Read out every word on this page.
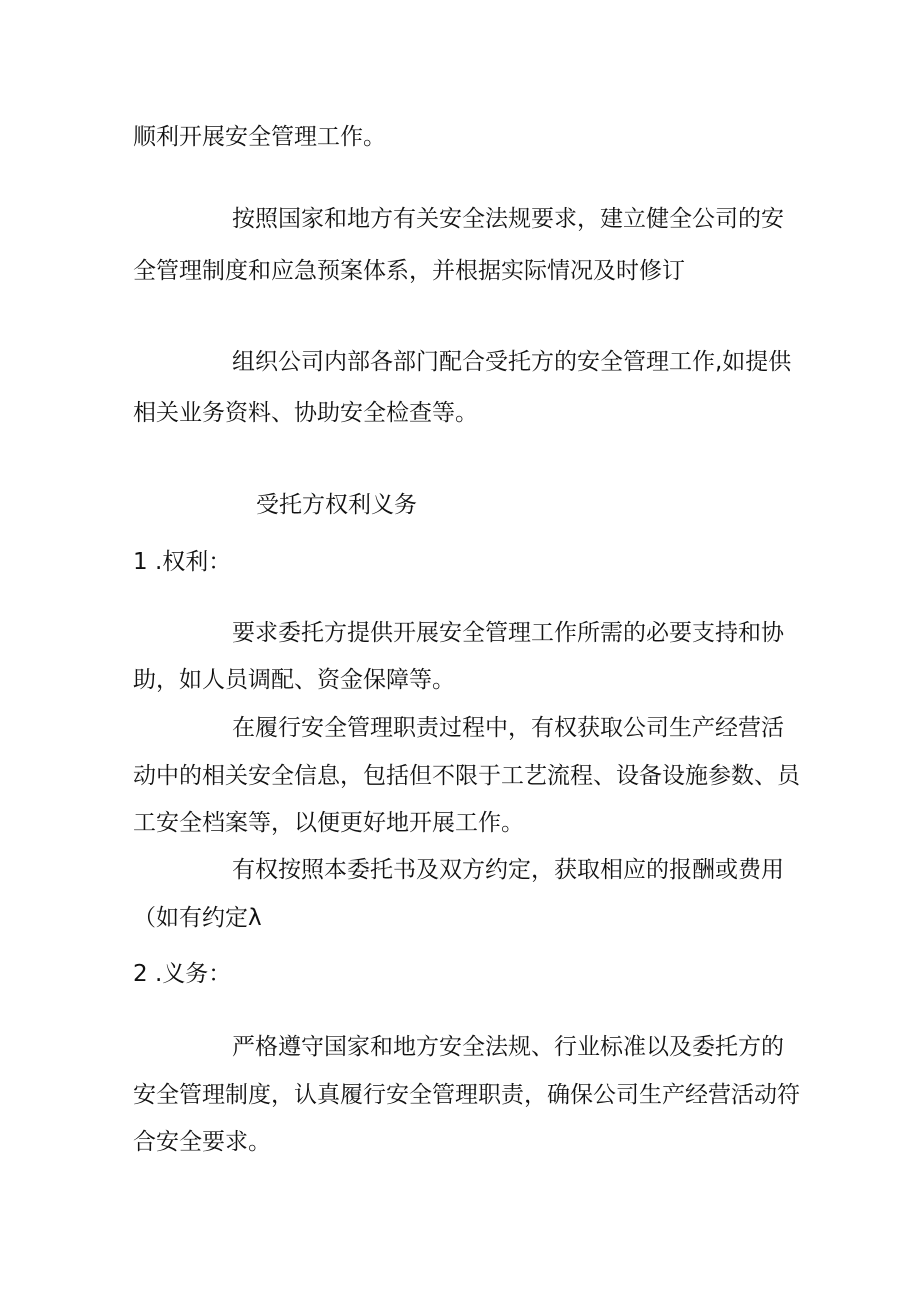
顺利开展安全管理工作。

按照国家和地方有关安全法规要求，建立健全公司的安

全管理制度和应急预案体系，并根据实际情况及时修订

组织公司内部各部门配合受托方的安全管理工作,如提供

相关业务资料、协助安全检查等。

受托方权利义务

1 .权利：

要求委托方提供开展安全管理工作所需的必要支持和协

助，如人员调配、资金保障等。

在履行安全管理职责过程中，有权获取公司生产经营活

动中的相关安全信息，包括但不限于工艺流程、设备设施参数、员

工安全档案等，以便更好地开展工作。

有权按照本委托书及双方约定，获取相应的报酬或费用

（如有约定λ

2 .义务：

严格遵守国家和地方安全法规、行业标准以及委托方的

安全管理制度，认真履行安全管理职责，确保公司生产经营活动符

合安全要求。
